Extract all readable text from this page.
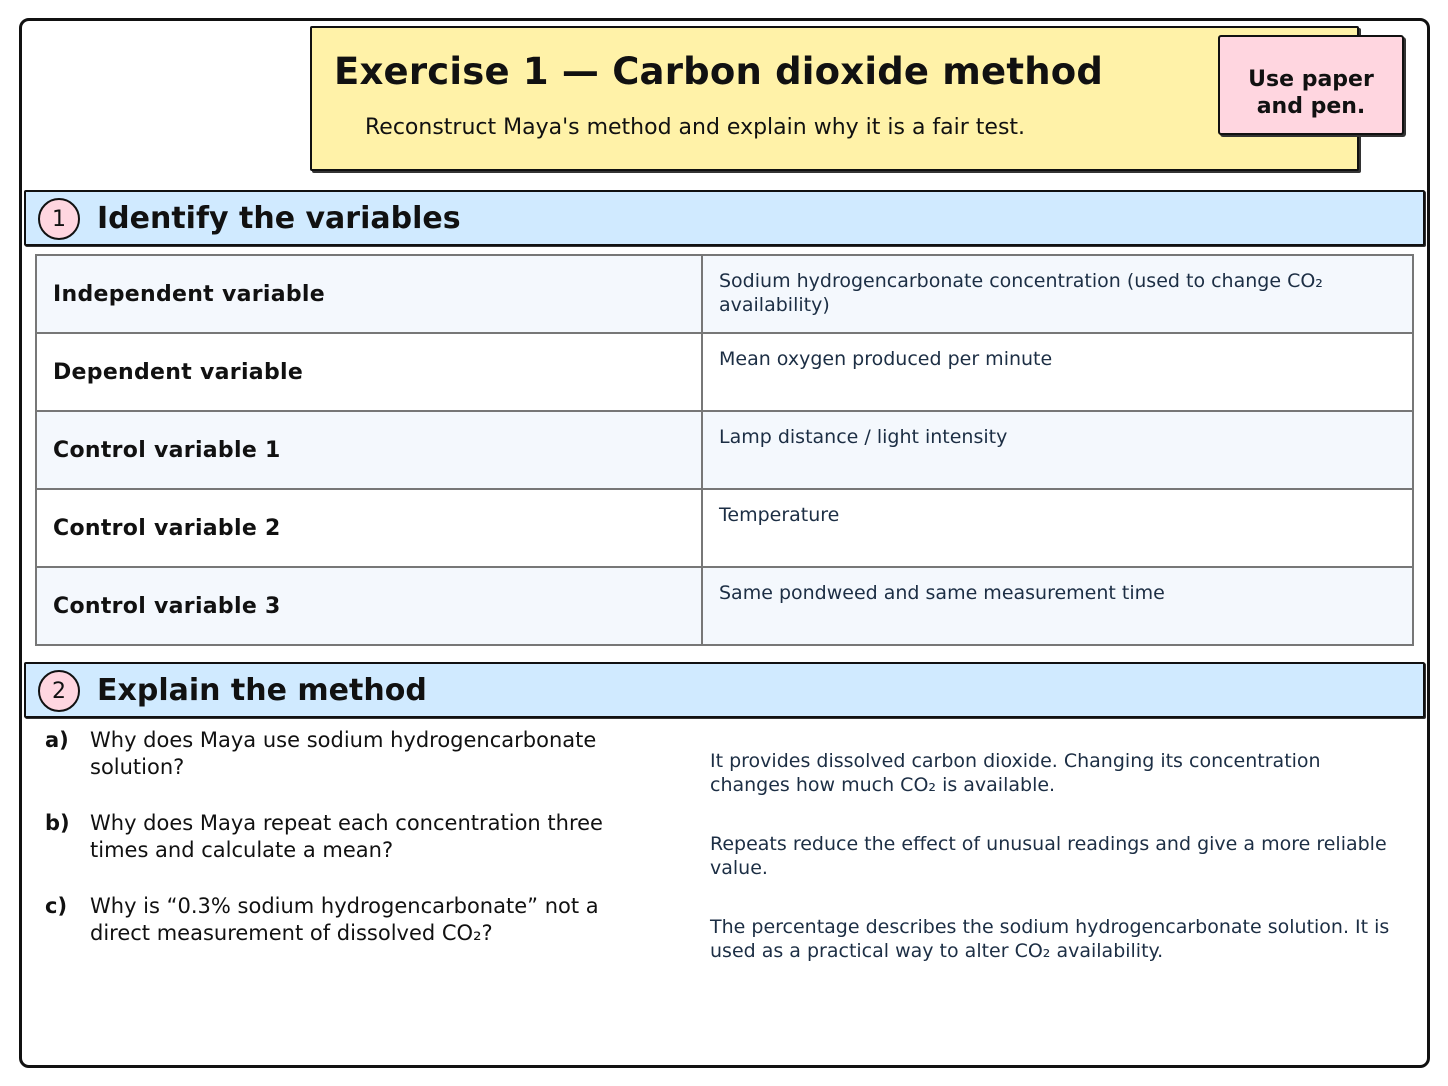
Exercise 1 — Carbon dioxide method
Reconstruct Maya's method and explain why it is a fair test.
Use paper and pen.
1	Identify the variables
Independent variable	Sodium hydrogencarbonate concentration (used to change CO₂ availability)
Dependent variable	Mean oxygen produced per minute
Control variable 1	Lamp distance / light intensity
Control variable 2	Temperature
Control variable 3	Same pondweed and same measurement time
2	Explain the method
a) Why does Maya use sodium hydrogencarbonate solution?	It provides dissolved carbon dioxide. Changing its concentration changes how much CO₂ is available.
b) Why does Maya repeat each concentration three times and calculate a mean?	Repeats reduce the effect of unusual readings and give a more reliable value.
c) Why is “0.3% sodium hydrogencarbonate” not a direct measurement of dissolved CO₂?	The percentage describes the sodium hydrogencarbonate solution. It is used as a practical way to alter CO₂ availability.
